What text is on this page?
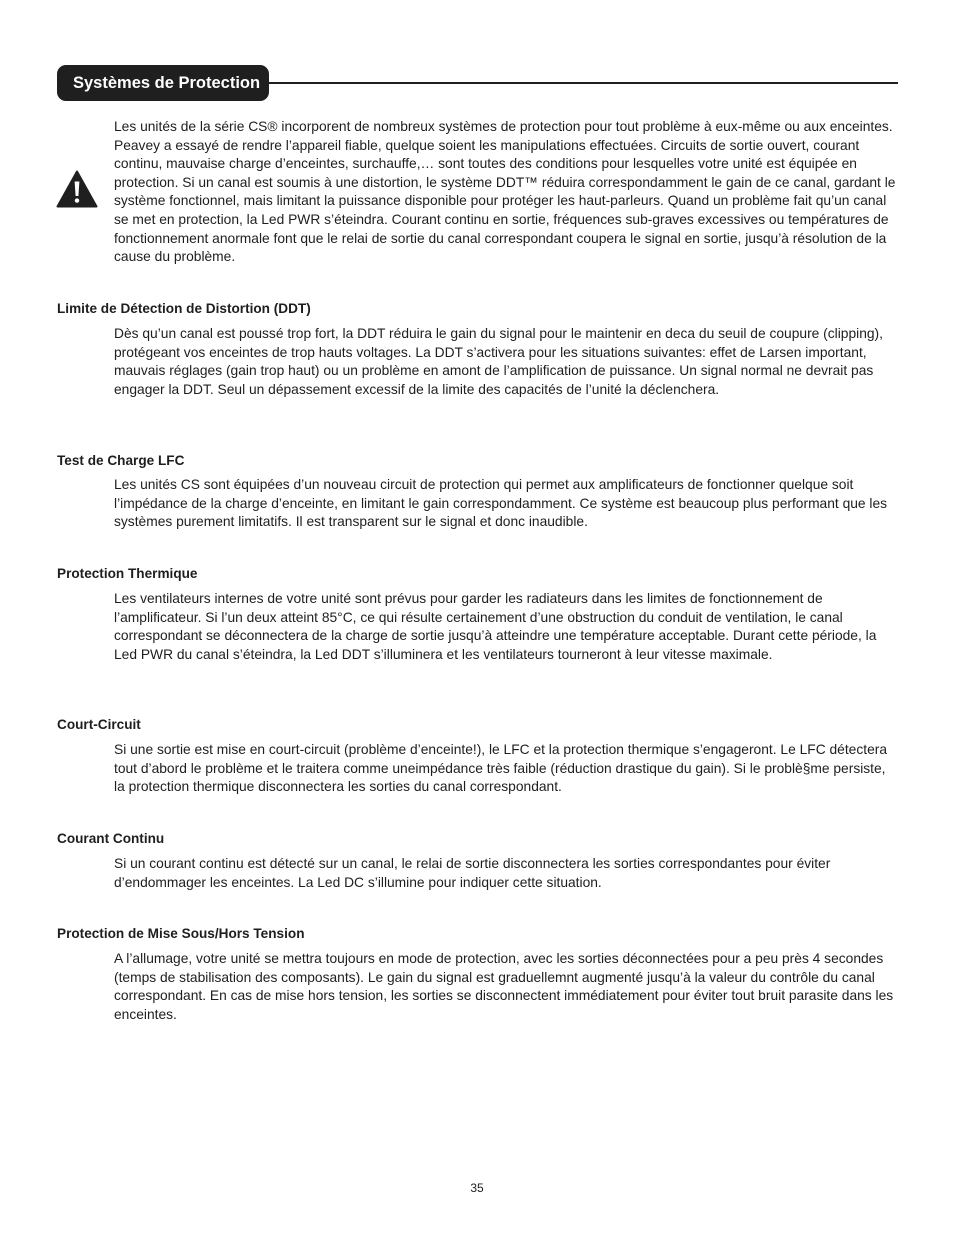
Systèmes de Protection

Les unités de la série CS® incorporent de nombreux systèmes de protection pour tout problème à eux-même ou aux enceintes. Peavey a essayé de rendre l’appareil fiable, quelque soient les manipulations effectuées. Circuits de sortie ouvert, courant continu, mauvaise charge d’enceintes, surchauffe,… sont toutes des conditions pour lesquelles votre unité est équipée en protection. Si un canal est soumis à une distortion, le système DDT™ réduira correspondamment le gain de ce canal, gardant le système fonctionnel, mais limitant la puissance disponible pour protéger les haut-parleurs. Quand un problème fait qu’un canal se met en protection, la Led PWR s’éteindra. Courant continu en sortie, fréquences sub-graves excessives ou températures de fonctionnement anormale font que le relai de sortie du canal correspondant coupera le signal en sortie, jusqu’à résolution de la cause du problème.

Limite de Détection de Distortion (DDT)

Dès qu’un canal est poussé trop fort, la DDT réduira le gain du signal pour le maintenir en deca du seuil de coupure (clipping), protégeant vos enceintes de trop hauts voltages. La DDT s’activera pour les situations suivantes: effet de Larsen important, mauvais réglages (gain trop haut) ou un problème en amont de l’amplification de puissance. Un signal normal ne devrait pas engager la DDT. Seul un dépassement excessif de la limite des capacités de l’unité la déclenchera.

Test de Charge LFC

Les unités CS sont équipées d’un nouveau circuit de protection qui permet aux amplificateurs de fonctionner quelque soit l’impédance de la charge d’enceinte, en limitant le gain correspondamment. Ce système est beaucoup plus performant que les systèmes purement limitatifs. Il est transparent sur le signal et donc inaudible.

Protection Thermique

Les ventilateurs internes de votre unité sont prévus pour garder les radiateurs dans les limites de fonctionnement de l’amplificateur. Si l’un deux atteint 85°C, ce qui résulte certainement d’une obstruction du conduit de ventilation, le canal correspondant se déconnectera de la charge de sortie jusqu’à atteindre une température acceptable. Durant cette période, la Led PWR du canal s’éteindra, la Led DDT s’illuminera et les ventilateurs tourneront à leur vitesse maximale.

Court-Circuit

Si une sortie est mise en court-circuit (problème d’enceinte!), le LFC et la protection thermique s’engageront. Le LFC détectera tout d’abord le problème et le traitera comme uneimpédance très faible (réduction drastique du gain). Si le problè§me persiste, la protection thermique disconnectera les sorties du canal correspondant.

Courant Continu

Si un courant continu est détecté sur un canal, le relai de sortie disconnectera les sorties correspondantes pour éviter d’endommager les enceintes. La Led DC s’illumine pour indiquer cette situation.

Protection de Mise Sous/Hors Tension

A l’allumage, votre unité se mettra toujours en mode de protection, avec les sorties déconnectées pour a peu près 4 secondes (temps de stabilisation des composants). Le gain du signal est graduellemnt augmenté jusqu’à la valeur du contrôle du canal correspondant. En cas de mise hors tension, les sorties se disconnectent immédiatement pour éviter tout bruit parasite dans les enceintes.

35
